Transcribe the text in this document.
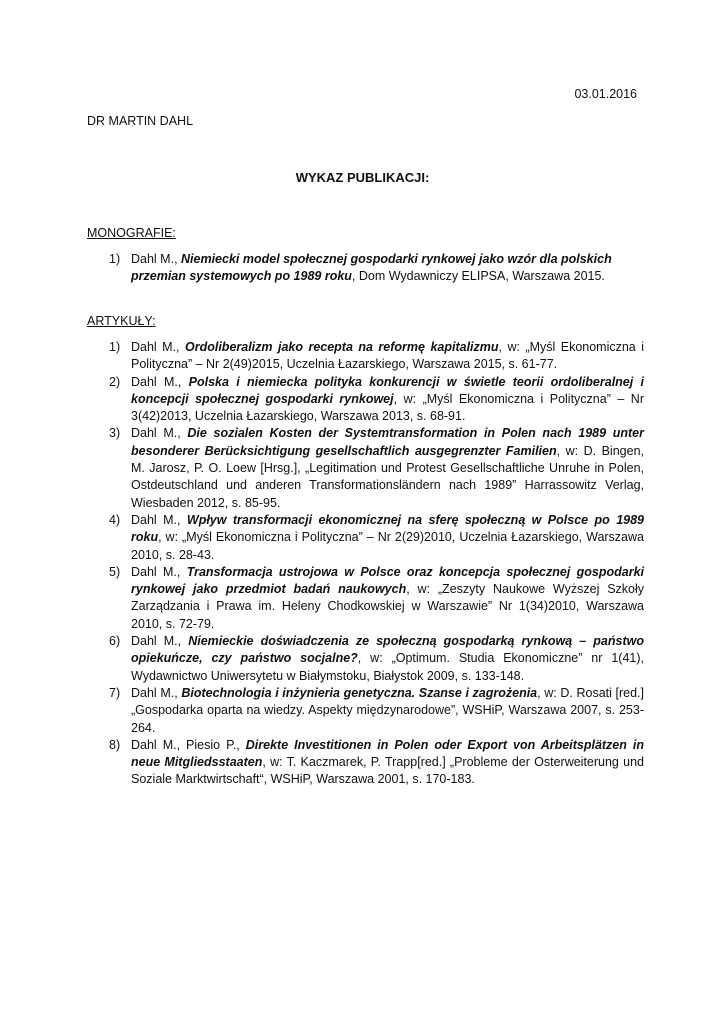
03.01.2016
DR MARTIN DAHL
WYKAZ PUBLIKACJI:
MONOGRAFIE:
1) Dahl M., Niemiecki model społecznej gospodarki rynkowej jako wzór dla polskich przemian systemowych po 1989 roku, Dom Wydawniczy ELIPSA, Warszawa 2015.
ARTYKUŁY:
1) Dahl M., Ordoliberalizm jako recepta na reformę kapitalizmu, w: „Myśl Ekonomiczna i Polityczna” – Nr 2(49)2015, Uczelnia Łazarskiego, Warszawa 2015, s. 61-77.
2) Dahl M., Polska i niemiecka polityka konkurencji w świetle teorii ordoliberalnej i koncepcji społecznej gospodarki rynkowej, w: „Myśl Ekonomiczna i Polityczna” – Nr 3(42)2013, Uczelnia Łazarskiego, Warszawa 2013, s. 68-91.
3) Dahl M., Die sozialen Kosten der Systemtransformation in Polen nach 1989 unter besonderer Berücksichtigung gesellschaftlich ausgegrenzter Familien, w: D. Bingen, M. Jarosz, P. O. Loew [Hrsg.], „Legitimation und Protest Gesellschaftliche Unruhe in Polen, Ostdeutschland und anderen Transformationsländern nach 1989” Harrassowitz Verlag, Wiesbaden 2012, s. 85-95.
4) Dahl M., Wpływ transformacji ekonomicznej na sferę społeczną w Polsce po 1989 roku, w: „Myśl Ekonomiczna i Polityczna” – Nr 2(29)2010, Uczelnia Łazarskiego, Warszawa 2010, s. 28-43.
5) Dahl M., Transformacja ustrojowa w Polsce oraz koncepcja społecznej gospodarki rynkowej jako przedmiot badań naukowych, w: „Zeszyty Naukowe Wyższej Szkoły Zarządzania i Prawa im. Heleny Chodkowskiej w Warszawie” Nr 1(34)2010, Warszawa 2010, s. 72-79.
6) Dahl M., Niemieckie doświadczenia ze społeczną gospodarką rynkową – państwo opiekuńcze, czy państwo socjalne?, w: „Optimum. Studia Ekonomiczne” nr 1(41), Wydawnictwo Uniwersytetu w Białymstoku, Białystok 2009, s. 133-148.
7) Dahl M., Biotechnologia i inżynieria genetyczna. Szanse i zagrożenia, w: D. Rosati [red.] „Gospodarka oparta na wiedzy. Aspekty międzynarodowe”, WSHiP, Warszawa 2007, s. 253-264.
8) Dahl M., Piesio P., Direkte Investitionen in Polen oder Export von Arbeitsplätzen in neue Mitgliedsstaaten, w: T. Kaczmarek, P. Trapp[red.] „Probleme der Osterweiterung und Soziale Marktwirtschaft“, WSHiP, Warszawa 2001, s. 170-183.
